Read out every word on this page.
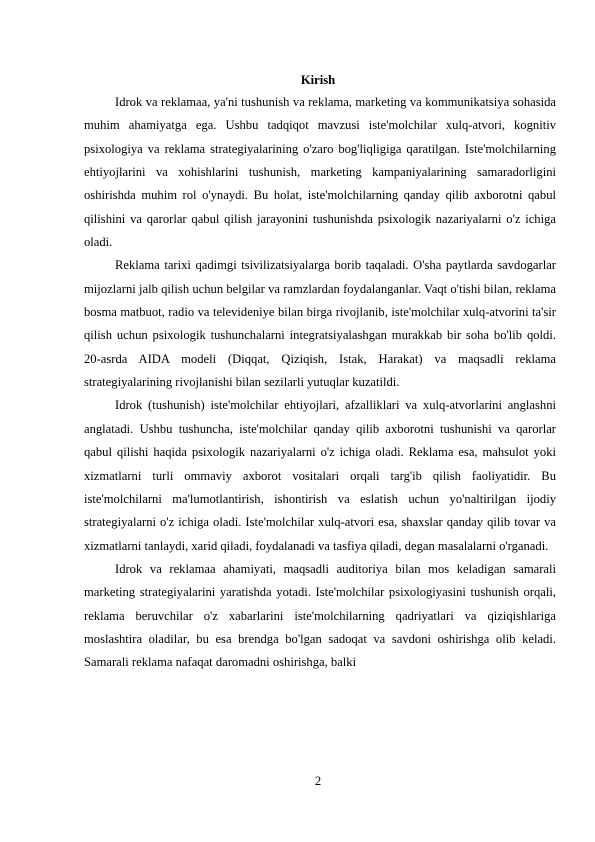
Kirish

Idrok va reklamaa, ya'ni tushunish va reklama, marketing va kommunikatsiya sohasida muhim ahamiyatga ega. Ushbu tadqiqot mavzusi iste'molchilar xulq-atvori, kognitiv psixologiya va reklama strategiyalarining o'zaro bog'liqligiga qaratilgan. Iste'molchilarning ehtiyojlarini va xohishlarini tushunish, marketing kampaniyalarining samaradorligini oshirishda muhim rol o'ynaydi. Bu holat, iste'molchilarning qanday qilib axborotni qabul qilishini va qarorlar qabul qilish jarayonini tushunishda psixologik nazariyalarni o'z ichiga oladi.

Reklama tarixi qadimgi tsivilizatsiyalarga borib taqaladi. O'sha paytlarda savdogarlar mijozlarni jalb qilish uchun belgilar va ramzlardan foydalanganlar. Vaqt o'tishi bilan, reklama bosma matbuot, radio va televideniye bilan birga rivojlanib, iste'molchilar xulq-atvorini ta'sir qilish uchun psixologik tushunchalarni integratsiyalashgan murakkab bir soha bo'lib qoldi. 20-asrda AIDA modeli (Diqqat, Qiziqish, Istak, Harakat) va maqsadli reklama strategiyalarining rivojlanishi bilan sezilarli yutuqlar kuzatildi.

Idrok (tushunish) iste'molchilar ehtiyojlari, afzalliklari va xulq-atvorlarini anglashni anglatadi. Ushbu tushuncha, iste'molchilar qanday qilib axborotni tushunishi va qarorlar qabul qilishi haqida psixologik nazariyalarni o'z ichiga oladi. Reklama esa, mahsulot yoki xizmatlarni turli ommaviy axborot vositalari orqali targ'ib qilish faoliyatidir. Bu iste'molchilarni ma'lumotlantirish, ishontirish va eslatish uchun yo'naltirilgan ijodiy strategiyalarni o'z ichiga oladi. Iste'molchilar xulq-atvori esa, shaxslar qanday qilib tovar va xizmatlarni tanlaydi, xarid qiladi, foydalanadi va tasfiya qiladi, degan masalalarni o'rganadi.

Idrok va reklamaa ahamiyati, maqsadli auditoriya bilan mos keladigan samarali marketing strategiyalarini yaratishda yotadi. Iste'molchilar psixologiyasini tushunish orqali, reklama beruvchilar o'z xabarlarini iste'molchilarning qadriyatlari va qiziqishlariga moslashtira oladilar, bu esa brendga bo'lgan sadoqat va savdoni oshirishga olib keladi. Samarali reklama nafaqat daromadni oshirishga, balki

2
